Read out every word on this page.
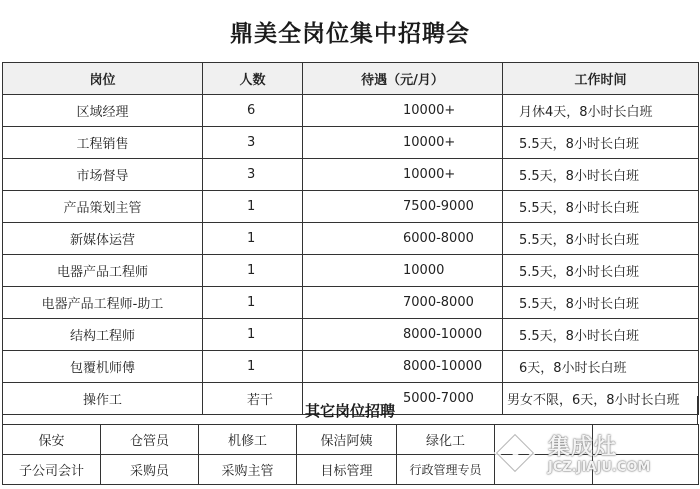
鼎美全岗位集中招聘会
岗位	人数	待遇（元/月）	工作时间
区域经理	6	10000+	月休4天，8小时长白班
工程销售	3	10000+	5.5天，8小时长白班
市场督导	3	10000+	5.5天，8小时长白班
产品策划主管	1	7500-9000	5.5天，8小时长白班
新媒体运营	1	6000-8000	5.5天，8小时长白班
电器产品工程师	1	10000	5.5天，8小时长白班
电器产品工程师-助工	1	7000-8000	5.5天，8小时长白班
结构工程师	1	8000-10000	5.5天，8小时长白班
包覆机师傅	1	8000-10000	6天，8小时长白班
操作工	若干	5000-7000	男女不限，6天，8小时长白班
其它岗位招聘
保安	仓管员	机修工	保洁阿姨	绿化工		
子公司会计	采购员	采购主管	目标管理	行政管理专员		
集成灶
JCZ.JIAJU.COM
